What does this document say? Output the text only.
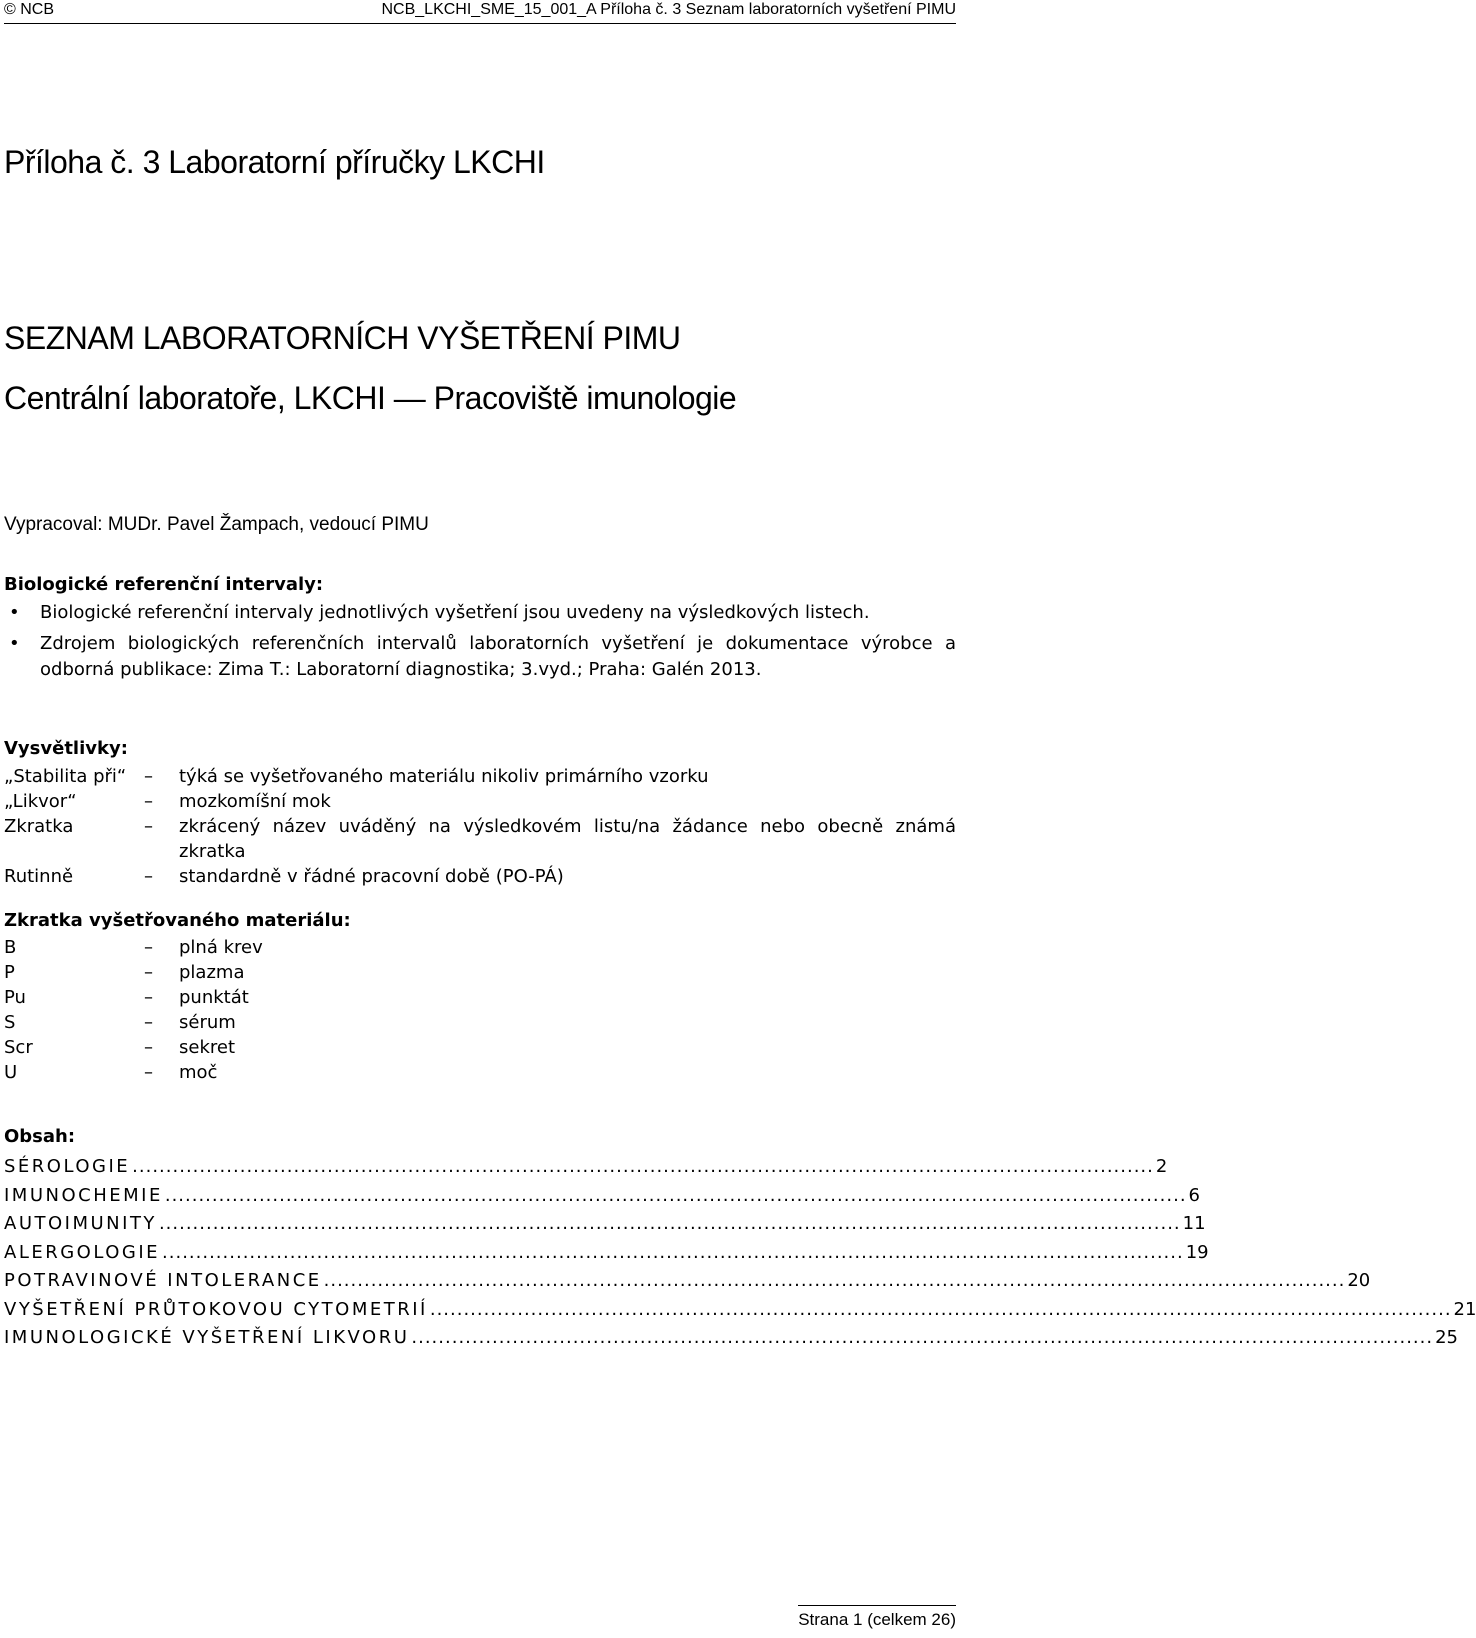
© NCB	NCB_LKCHI_SME_15_001_A Příloha č. 3 Seznam laboratorních vyšetření PIMU
Příloha č. 3 Laboratorní příručky LKCHI
SEZNAM LABORATORNÍCH VYŠETŘENÍ PIMU
Centrální laboratoře, LKCHI — Pracoviště imunologie
Vypracoval: MUDr. Pavel Žampach, vedoucí PIMU
Biologické referenční intervaly:
• Biologické referenční intervaly jednotlivých vyšetření jsou uvedeny na výsledkových listech.
• Zdrojem biologických referenčních intervalů laboratorních vyšetření je dokumentace výrobce a odborná publikace: Zima T.: Laboratorní diagnostika; 3.vyd.; Praha: Galén 2013.
Vysvětlivky:
„Stabilita při“ –	týká se vyšetřovaného materiálu nikoliv primárního vzorku
„Likvor“	–	mozkomíšní mok
Zkratka	–	zkrácený název uváděný na výsledkovém listu/na žádance nebo obecně známá zkratka
Rutinně	–	standardně v řádné pracovní době (PO-PÁ)
Zkratka vyšetřovaného materiálu:
B	–	plná krev
P	–	plazma
Pu	–	punktát
S	–	sérum
Scr	–	sekret
U	–	moč
Obsah:
SÉROLOGIE ........................................................................................................................................................ 2
IMUNOCHEMIE ........................................................................................................................................................ 6
AUTOIMUNITY ........................................................................................................................................................ 11
ALERGOLOGIE ........................................................................................................................................................ 19
POTRAVINOVÉ INTOLERANCE ........................................................................................................................................................ 20
VYŠETŘENÍ PRŮTOKOVOU CYTOMETRIÍ ........................................................................................................................................................ 21
IMUNOLOGICKÉ VYŠETŘENÍ LIKVORU ........................................................................................................................................................ 25
Strana 1 (celkem 26)
